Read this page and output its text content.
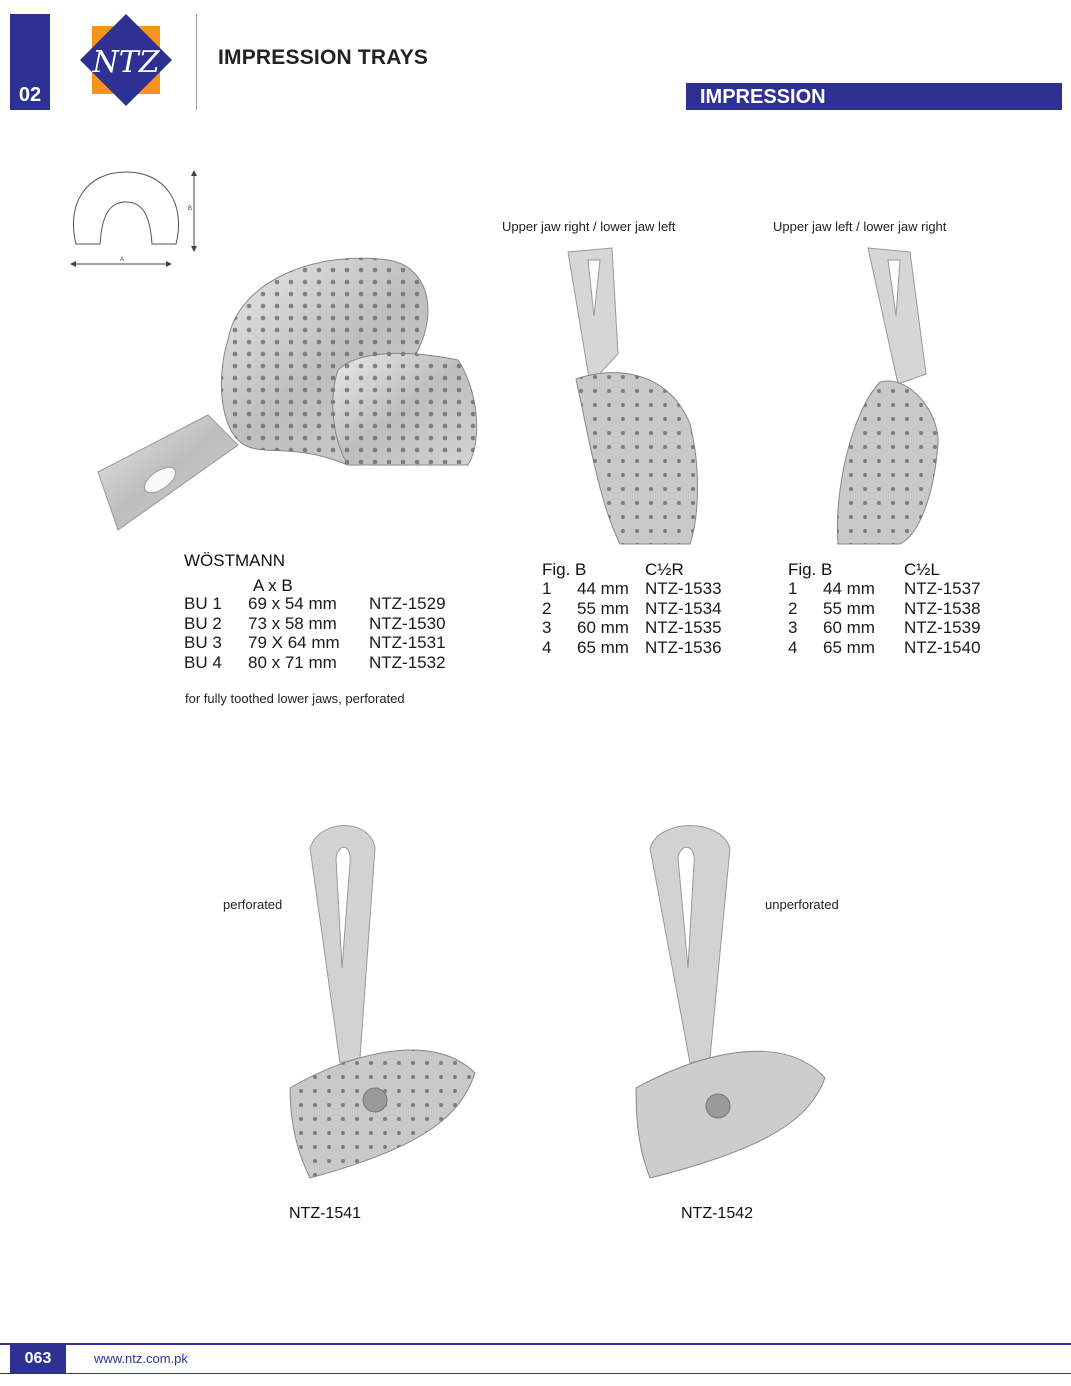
02
NTZ	IMPRESSION TRAYS
IMPRESSION
B
A
WÖSTMANN
A x B
BU 1	69 x 54 mm	NTZ-1529
BU 2	73 x 58 mm	NTZ-1530
BU 3	79 X 64 mm	NTZ-1531
BU 4	80 x 71 mm	NTZ-1532
for fully toothed lower jaws, perforated
Upper jaw right / lower jaw left
Fig. B	C½R
1	44 mm	NTZ-1533
2	55 mm	NTZ-1534
3	60 mm	NTZ-1535
4	65 mm	NTZ-1536
Upper jaw left / lower jaw right
Fig. B	C½L
1	44 mm	NTZ-1537
2	55 mm	NTZ-1538
3	60 mm	NTZ-1539
4	65 mm	NTZ-1540
perforated
NTZ-1541
unperforated
NTZ-1542
063	www.ntz.com.pk
